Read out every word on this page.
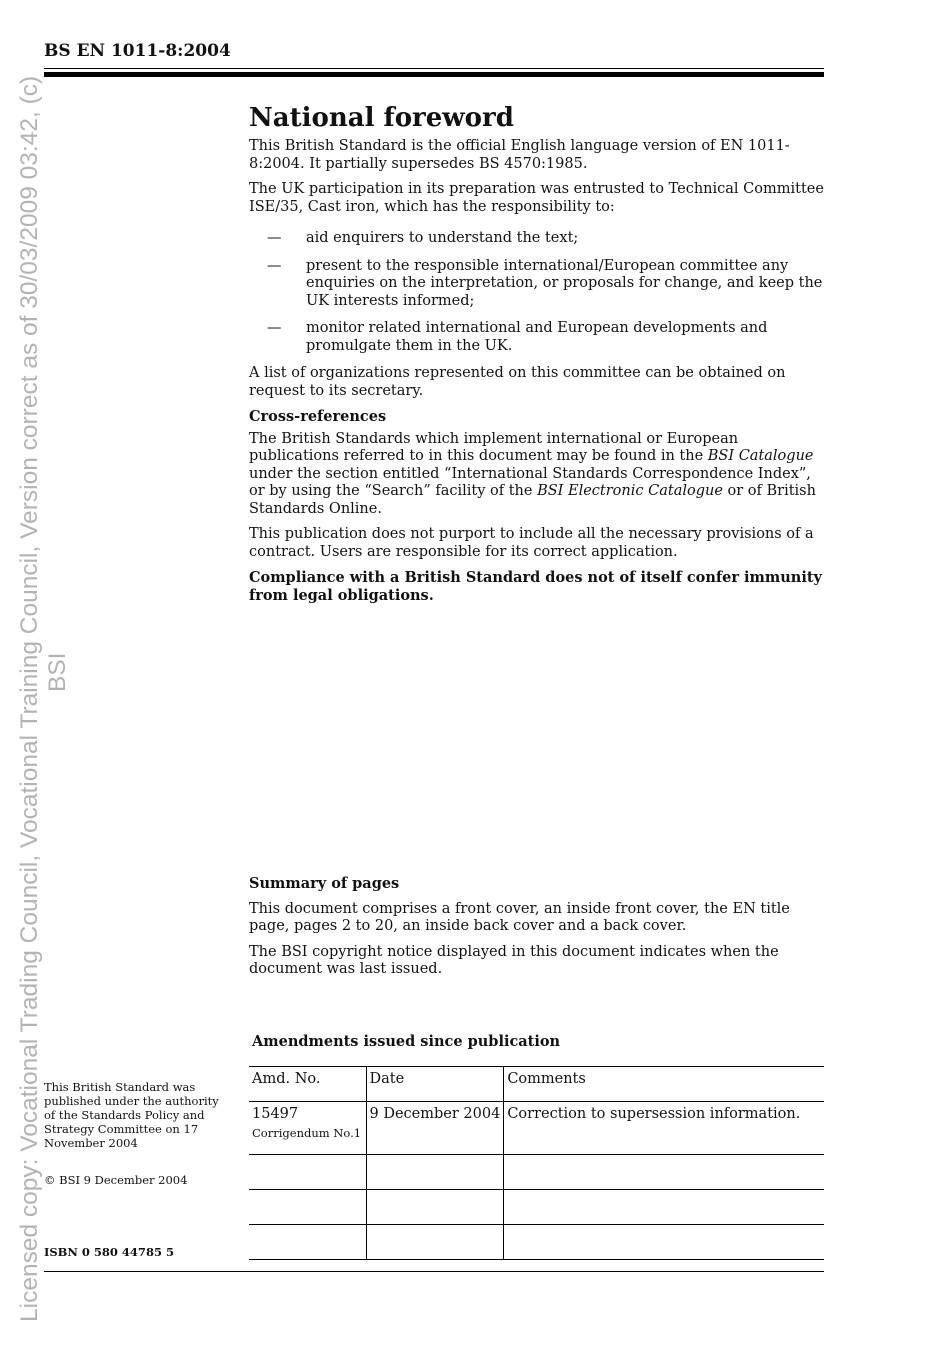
BS EN 1011-8:2004
National foreword

This British Standard is the official English language version of EN 1011-8:2004. It partially supersedes BS 4570:1985.

The UK participation in its preparation was entrusted to Technical Committee ISE/35, Cast iron, which has the responsibility to:

—	aid enquirers to understand the text;
—	present to the responsible international/European committee any enquiries on the interpretation, or proposals for change, and keep the UK interests informed;
—	monitor related international and European developments and promulgate them in the UK.

A list of organizations represented on this committee can be obtained on request to its secretary.

Cross-references

The British Standards which implement international or European publications referred to in this document may be found in the BSI Catalogue under the section entitled “International Standards Correspondence Index”, or by using the “Search” facility of the BSI Electronic Catalogue or of British Standards Online.

This publication does not purport to include all the necessary provisions of a contract. Users are responsible for its correct application.

Compliance with a British Standard does not of itself confer immunity from legal obligations.

Summary of pages

This document comprises a front cover, an inside front cover, the EN title page, pages 2 to 20, an inside back cover and a back cover.

The BSI copyright notice displayed in this document indicates when the document was last issued.

Amendments issued since publication
Amd. No.	Date	Comments

15497
Corrigendum No.1	9 December 2004	Correction to supersession information.

This British Standard was published under the authority of the Standards Policy and Strategy Committee on 17 November 2004
© BSI 9 December 2004
ISBN 0 580 44785 5
Licensed copy: Vocational Trading Council, Vocational Training Council, Version correct as of 30/03/2009 03:42, (c) BSI
